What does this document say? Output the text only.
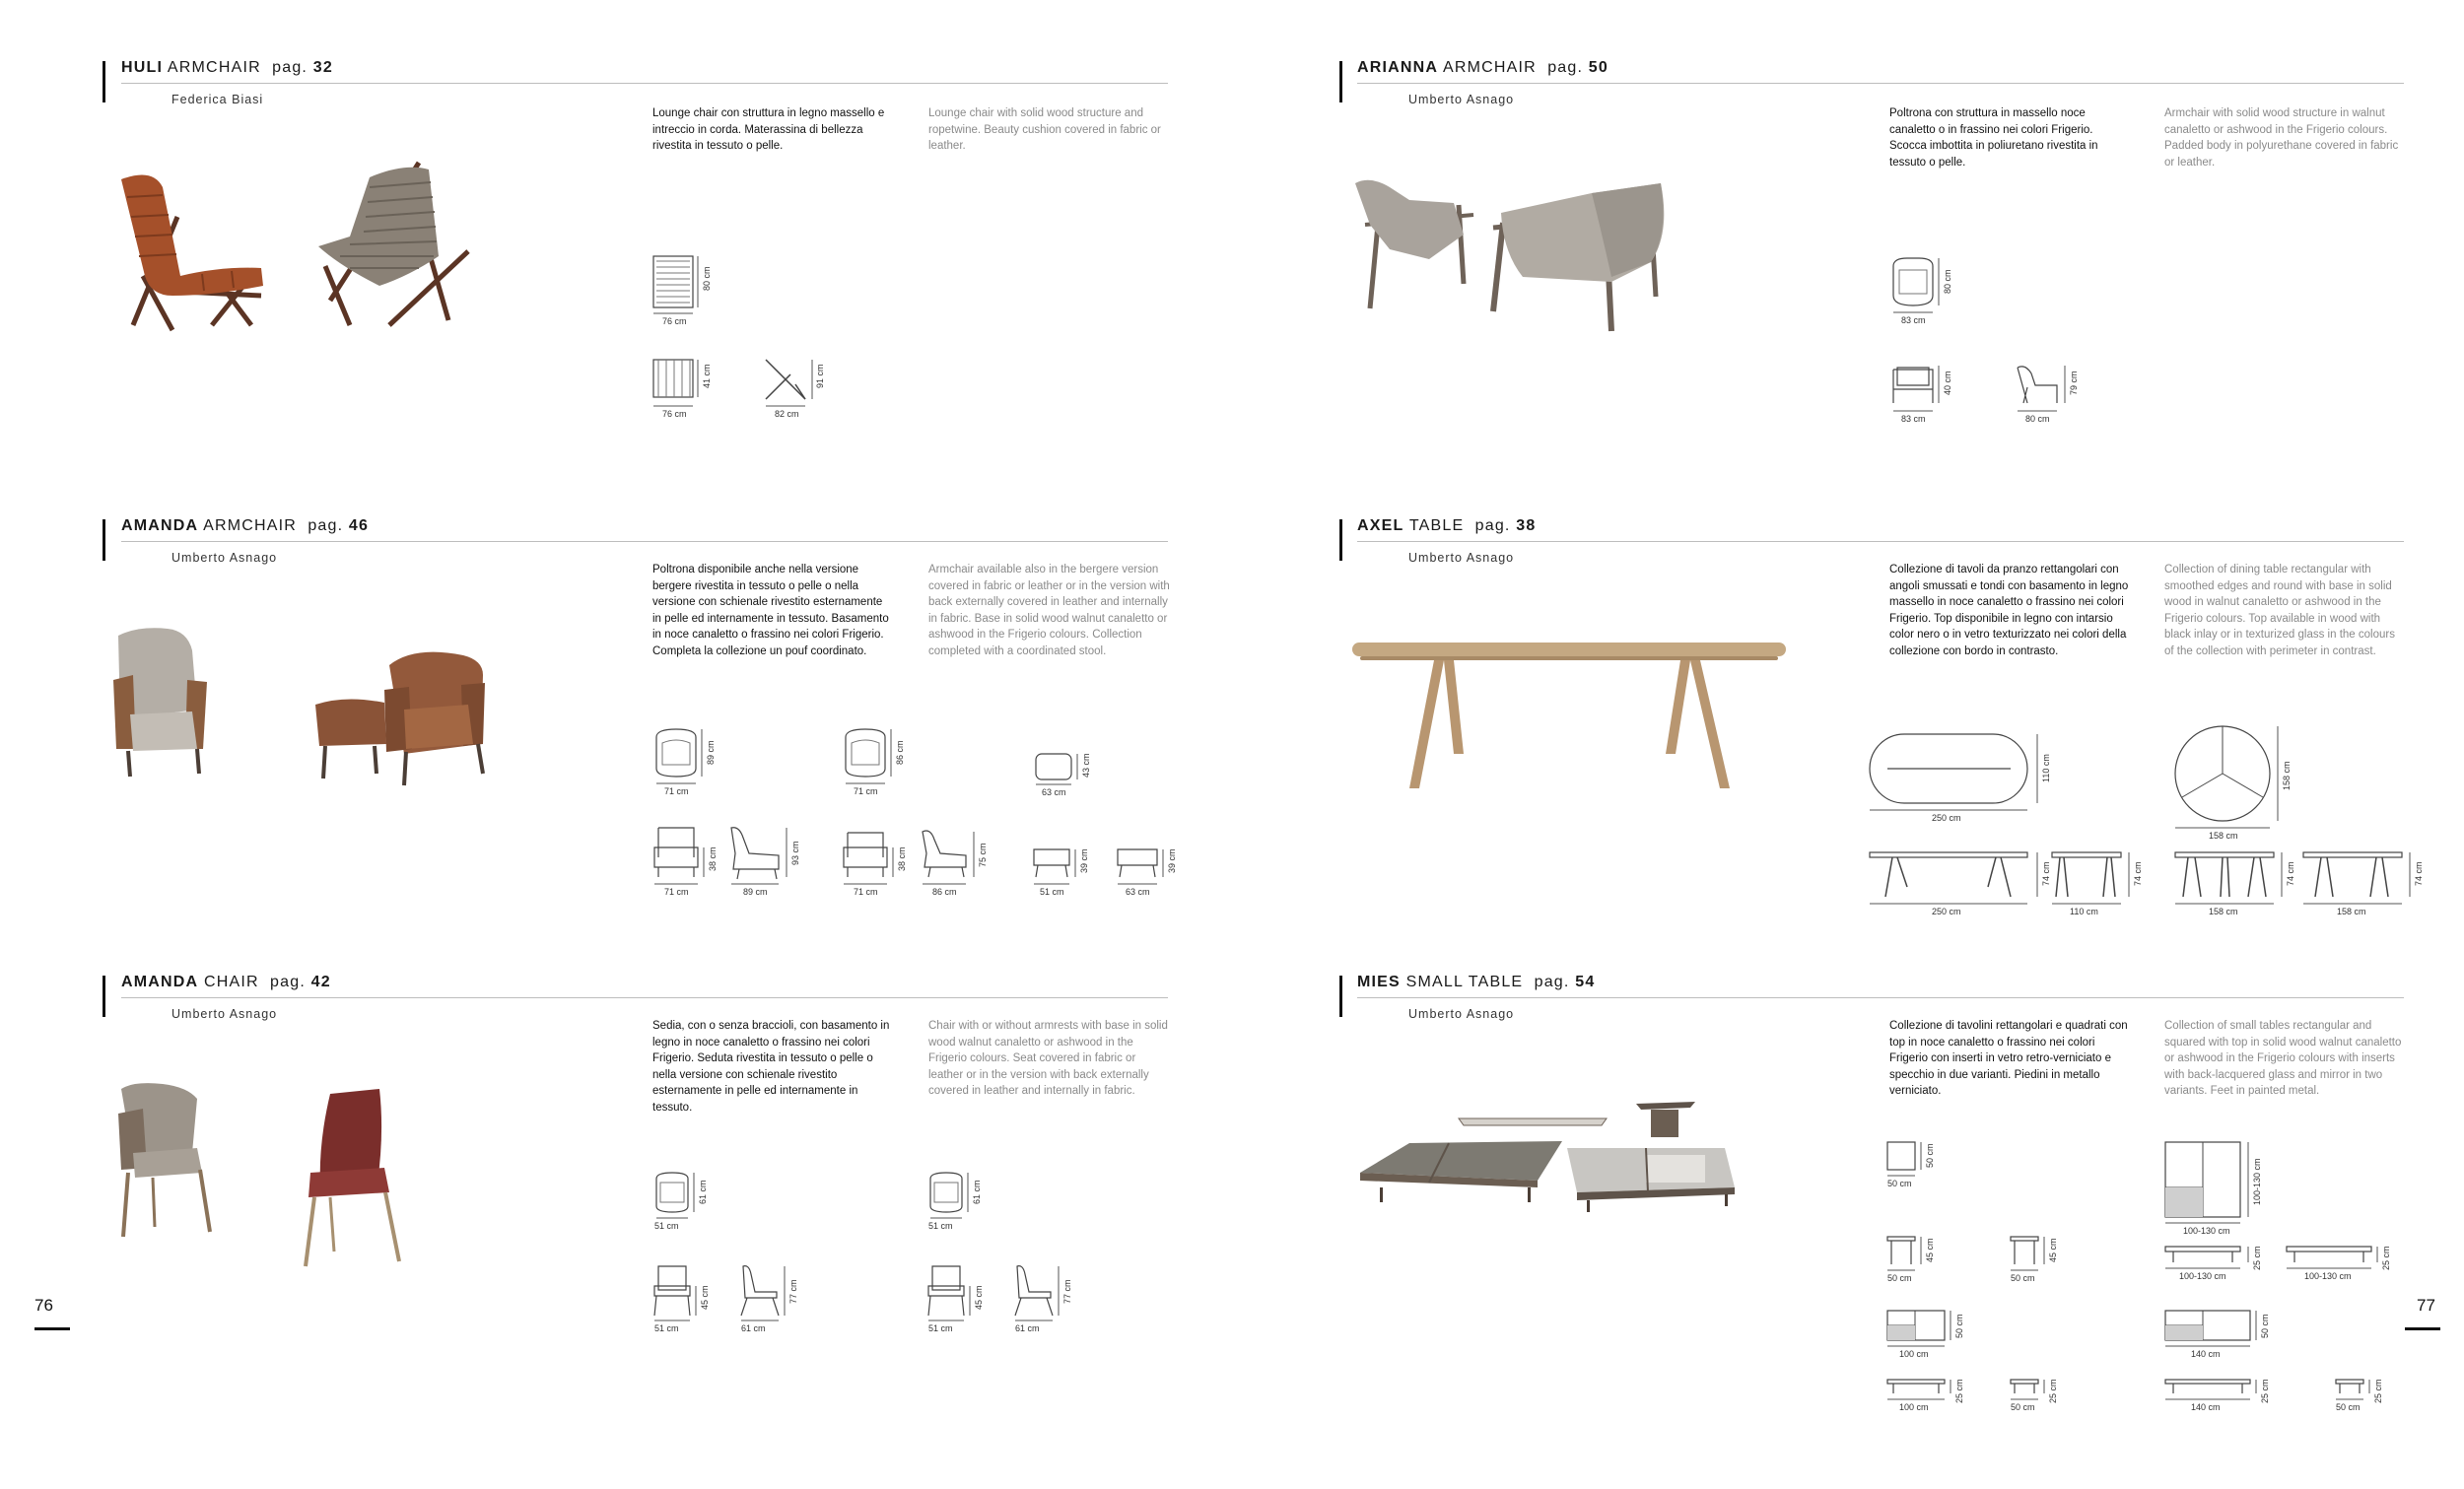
76	77
HULI ARMCHAIR pag. 32
Federica Biasi
Lounge chair con struttura in legno massello e intreccio in corda. Materassina di bellezza rivestita in tessuto o pelle.
Lounge chair with solid wood structure and ropetwine. Beauty cushion covered in fabric or leather.
80 cm
76 cm
41 cm
76 cm
91 cm
82 cm
ARIANNA ARMCHAIR pag. 50
Umberto Asnago
Poltrona con struttura in massello noce canaletto o in frassino nei colori Frigerio. Scocca imbottita in poliuretano rivestita in tessuto o pelle.
Armchair with solid wood structure in walnut canaletto or ashwood in the Frigerio colours. Padded body in polyurethane covered in fabric or leather.
80 cm
83 cm
40 cm
83 cm
79 cm
80 cm
AMANDA ARMCHAIR pag. 46
Umberto Asnago
Poltrona disponibile anche nella versione bergere rivestita in tessuto o pelle o nella versione con schienale rivestito esternamente in pelle ed internamente in tessuto. Basamento in noce canaletto o frassino nei colori Frigerio. Completa la collezione un pouf coordinato.
Armchair available also in the bergere version covered in fabric or leather or in the version with back externally covered in leather and internally in fabric. Base in solid wood walnut canaletto or ashwood in the Frigerio colours. Collection completed with a coordinated stool.
89 cm
71 cm
86 cm
71 cm
43 cm
63 cm
38 cm
71 cm
93 cm
89 cm
38 cm
71 cm
75 cm
86 cm
39 cm
51 cm
39 cm
63 cm
AXEL TABLE pag. 38
Umberto Asnago
Collezione di tavoli da pranzo rettangolari con angoli smussati e tondi con basamento in legno massello in noce canaletto o frassino nei colori Frigerio. Top disponibile in legno con intarsio color nero o in vetro texturizzato nei colori della collezione con bordo in contrasto.
Collection of dining table rectangular with smoothed edges and round with base in solid wood in walnut canaletto or ashwood in the Frigerio colours. Top available in wood with black inlay or in texturized glass in the colours of the collection with perimeter in contrast.
110 cm
250 cm
158 cm
158 cm
74 cm
250 cm
74 cm
110 cm
74 cm
158 cm
74 cm
158 cm
AMANDA CHAIR pag. 42
Umberto Asnago
Sedia, con o senza braccioli, con basamento in legno in noce canaletto o frassino nei colori Frigerio. Seduta rivestita in tessuto o pelle o nella versione con schienale rivestito esternamente in pelle ed internamente in tessuto.
Chair with or without armrests with base in solid wood walnut canaletto or ashwood in the Frigerio colours. Seat covered in fabric or leather or in the version with back externally covered in leather and internally in fabric.
61 cm
51 cm
61 cm
51 cm
45 cm
51 cm
77 cm
61 cm
45 cm
51 cm
77 cm
61 cm
MIES SMALL TABLE pag. 54
Umberto Asnago
Collezione di tavolini rettangolari e quadrati con top in noce canaletto o frassino nei colori Frigerio con inserti in vetro retro-verniciato e specchio in due varianti. Piedini in metallo verniciato.
Collection of small tables rectangular and squared with top in solid wood walnut canaletto or ashwood in the Frigerio colours with inserts with back-lacquered glass and mirror in two variants. Feet in painted metal.
50 cm
50 cm	100-130 cm
100-130 cm
45 cm
50 cm
45 cm
50 cm
25 cm
100-130 cm
25 cm
100-130 cm
50 cm
100 cm
50 cm
140 cm
25 cm
100 cm
25 cm
50 cm
25 cm
140 cm
25 cm
50 cm
